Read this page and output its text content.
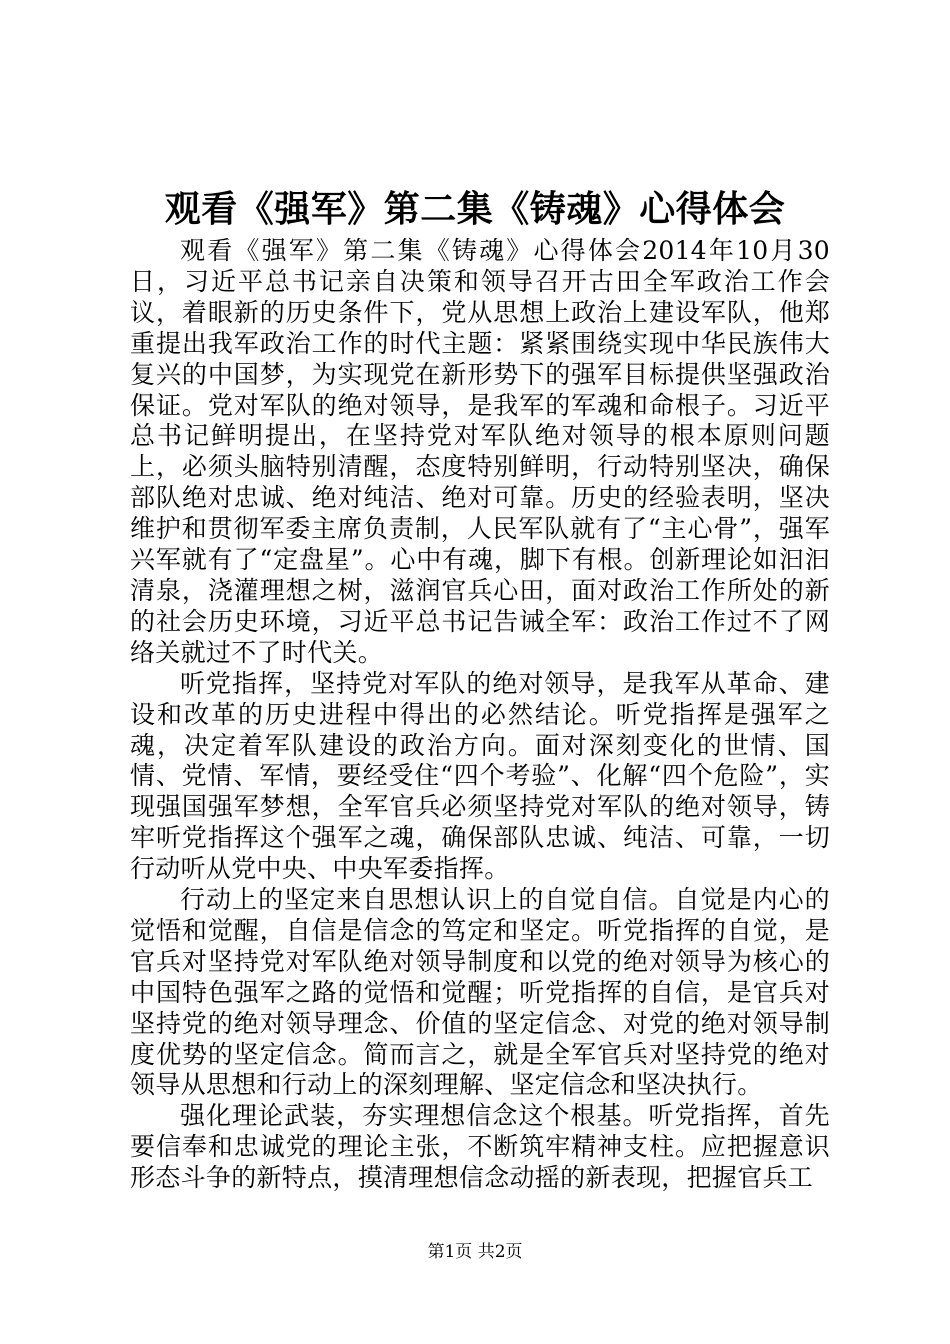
观看《强军》第二集《铸魂》心得体会

观看《强军》第二集《铸魂》心得体会2014年10月30日，习近平总书记亲自决策和领导召开古田全军政治工作会议，着眼新的历史条件下，党从思想上政治上建设军队，他郑重提出我军政治工作的时代主题：紧紧围绕实现中华民族伟大复兴的中国梦，为实现党在新形势下的强军目标提供坚强政治保证。党对军队的绝对领导，是我军的军魂和命根子。习近平总书记鲜明提出，在坚持党对军队绝对领导的根本原则问题上，必须头脑特别清醒，态度特别鲜明，行动特别坚决，确保部队绝对忠诚、绝对纯洁、绝对可靠。历史的经验表明，坚决维护和贯彻军委主席负责制，人民军队就有了“主心骨”，强军兴军就有了“定盘星”。心中有魂，脚下有根。创新理论如汩汩清泉，浇灌理想之树，滋润官兵心田，面对政治工作所处的新的社会历史环境，习近平总书记告诫全军：政治工作过不了网络关就过不了时代关。

听党指挥，坚持党对军队的绝对领导，是我军从革命、建设和改革的历史进程中得出的必然结论。听党指挥是强军之魂，决定着军队建设的政治方向。面对深刻变化的世情、国情、党情、军情，要经受住“四个考验”、化解“四个危险”，实现强国强军梦想，全军官兵必须坚持党对军队的绝对领导，铸牢听党指挥这个强军之魂，确保部队忠诚、纯洁、可靠，一切行动听从党中央、中央军委指挥。

行动上的坚定来自思想认识上的自觉自信。自觉是内心的觉悟和觉醒，自信是信念的笃定和坚定。听党指挥的自觉，是官兵对坚持党对军队绝对领导制度和以党的绝对领导为核心的中国特色强军之路的觉悟和觉醒；听党指挥的自信，是官兵对坚持党的绝对领导理念、价值的坚定信念、对党的绝对领导制度优势的坚定信念。简而言之，就是全军官兵对坚持党的绝对领导从思想和行动上的深刻理解、坚定信念和坚决执行。

强化理论武装，夯实理想信念这个根基。听党指挥，首先要信奉和忠诚党的理论主张，不断筑牢精神支柱。应把握意识形态斗争的新特点，摸清理想信念动摇的新表现，把握官兵工

第1页 共2页
